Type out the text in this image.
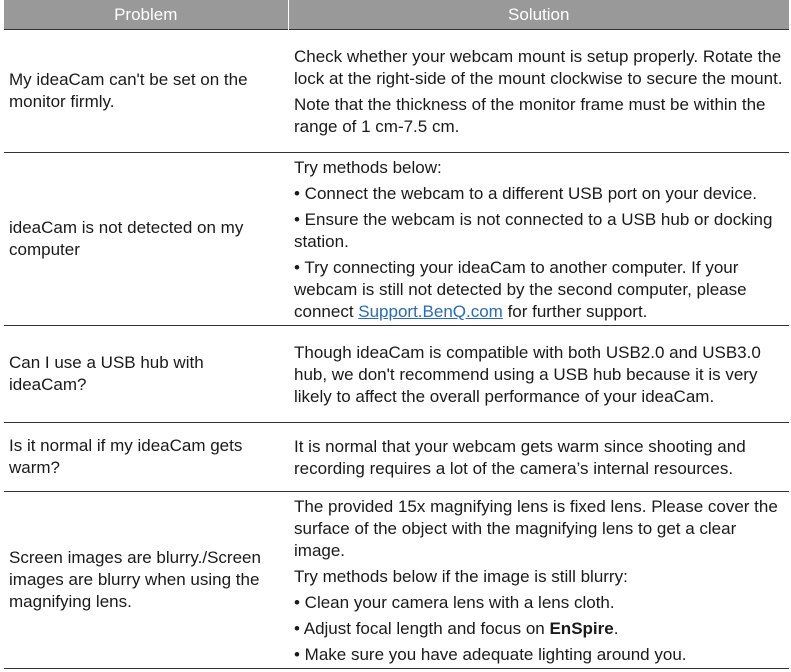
Problem	Solution
My ideaCam can't be set on the monitor firmly.	Check whether your webcam mount is setup properly. Rotate the lock at the right-side of the mount clockwise to secure the mount.

Note that the thickness of the monitor frame must be within the range of 1 cm-7.5 cm.

ideaCam is not detected on my computer	Try methods below:

• Connect the webcam to a different USB port on your device.

• Ensure the webcam is not connected to a USB hub or docking station.

• Try connecting your ideaCam to another computer. If your webcam is still not detected by the second computer, please connect Support.BenQ.com for further support.

Can I use a USB hub with ideaCam?	Though ideaCam is compatible with both USB2.0 and USB3.0 hub, we don't recommend using a USB hub because it is very likely to affect the overall performance of your ideaCam.

Is it normal if my ideaCam gets warm?	It is normal that your webcam gets warm since shooting and recording requires a lot of the camera’s internal resources.

Screen images are blurry./Screen images are blurry when using the magnifying lens.	The provided 15x magnifying lens is fixed lens. Please cover the surface of the object with the magnifying lens to get a clear image.

Try methods below if the image is still blurry:

• Clean your camera lens with a lens cloth.

• Adjust focal length and focus on EnSpire.

• Make sure you have adequate lighting around you.
